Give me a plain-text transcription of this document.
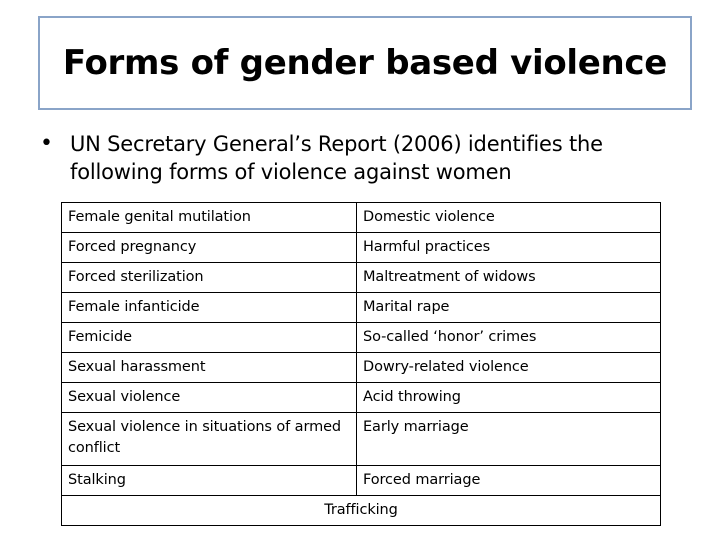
Forms of gender based violence
• UN Secretary General’s Report (2006) identifies the following forms of violence against women
Female genital mutilation	Domestic violence
Forced pregnancy	Harmful practices
Forced sterilization	Maltreatment of widows
Female infanticide	Marital rape
Femicide	So-called ‘honor’ crimes
Sexual harassment	Dowry-related violence
Sexual violence	Acid throwing
Sexual violence in situations of armed conflict	Early marriage
Stalking	Forced marriage
Trafficking	
